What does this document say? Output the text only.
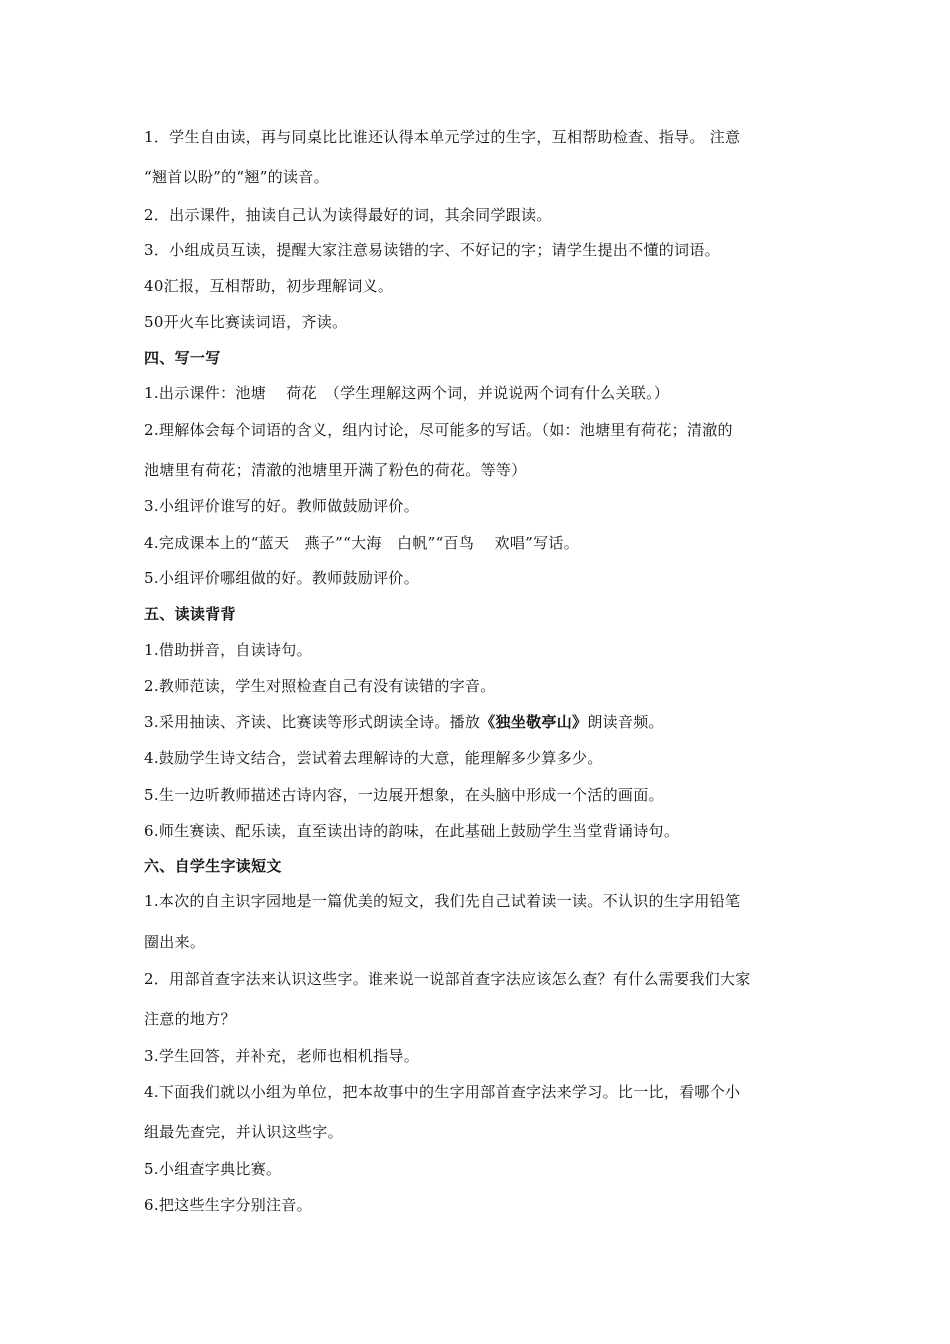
1．学生自由读，再与同桌比比谁还认得本单元学过的生字，互相帮助检查、指导。 注意
“翘首以盼”的“翘”的读音。
2．出示课件，抽读自己认为读得最好的词，其余同学跟读。
3．小组成员互读，提醒大家注意易读错的字、不好记的字；请学生提出不懂的词语。
40汇报，互相帮助，初步理解词义。
50开火车比赛读词语，齐读。
四、写一写
1.出示课件：池塘　 荷花　（学生理解这两个词，并说说两个词有什么关联。）
2.理解体会每个词语的含义，组内讨论，尽可能多的写话。（如：池塘里有荷花；清澈的
池塘里有荷花；清澈的池塘里开满了粉色的荷花。等等）
3.小组评价谁写的好。教师做鼓励评价。
4.完成课本上的“蓝天　燕子”“大海　白帆”“百鸟　 欢唱”写话。
5.小组评价哪组做的好。教师鼓励评价。
五、读读背背
1.借助拼音，自读诗句。
2.教师范读，学生对照检查自己有没有读错的字音。
3.采用抽读、齐读、比赛读等形式朗读全诗。播放《独坐敬亭山》朗读音频。
4.鼓励学生诗文结合，尝试着去理解诗的大意，能理解多少算多少。
5.生一边听教师描述古诗内容，一边展开想象，在头脑中形成一个活的画面。
6.师生赛读、配乐读，直至读出诗的韵味，在此基础上鼓励学生当堂背诵诗句。
六、自学生字读短文
1.本次的自主识字园地是一篇优美的短文，我们先自己试着读一读。不认识的生字用铅笔
圈出来。
2．用部首查字法来认识这些字。谁来说一说部首查字法应该怎么查？有什么需要我们大家
注意的地方？
3.学生回答，并补充，老师也相机指导。
4.下面我们就以小组为单位，把本故事中的生字用部首查字法来学习。比一比，看哪个小
组最先查完，并认识这些字。
5.小组查字典比赛。
6.把这些生字分别注音。
